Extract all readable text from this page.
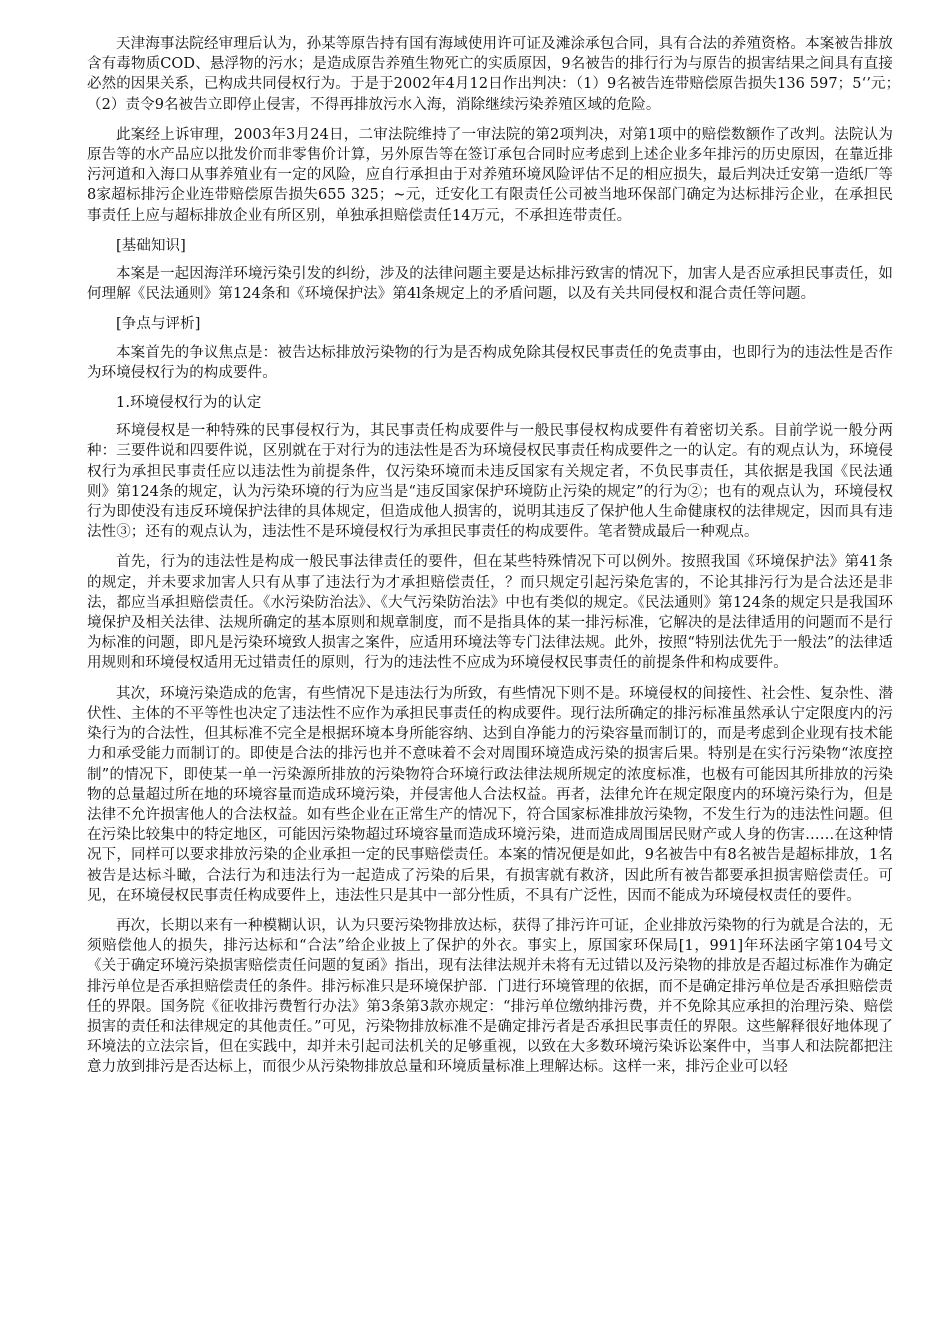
天津海事法院经审理后认为，孙某等原告持有国有海域使用许可证及滩涂承包合同，具有合法的养殖资格。本案被告排放含有毒物质COD、悬浮物的污水；是造成原告养殖生物死亡的实质原因，9名被告的排行行为与原告的损害结果之间具有直接必然的因果关系，已构成共同侵权行为。于是于2002年4月12日作出判决：（1）9名被告连带赔偿原告损失136 597；5‘’元；　（2）责令9名被告立即停止侵害，不得再排放污水入海，消除继续污染养殖区域的危险。

此案经上诉审理，2003年3月24日，二审法院维持了一审法院的第2项判决，对第1项中的赔偿数额作了改判。法院认为原告等的水产品应以批发价而非零售价计算，另外原告等在签订承包合同时应考虑到上述企业多年排污的历史原因，在靠近排污河道和入海口从事养殖业有一定的风险，应自行承担由于对养殖环境风险评估不足的相应损失，最后判决迁安第一造纸厂等8家超标排污企业连带赔偿原告损失655 325；~元，迁安化工有限责任公司被当地环保部门确定为达标排污企业，在承担民事责任上应与超标排放企业有所区别，单独承担赔偿责任14万元，不承担连带责任。

[基础知识]

本案是一起因海洋环境污染引发的纠纷，涉及的法律问题主要是达标排污致害的情况下，加害人是否应承担民事责任，如何理解《民法通则》第124条和《环境保护法》第4l条规定上的矛盾问题，以及有关共同侵权和混合责任等问题。

[争点与评析]

本案首先的争议焦点是：被告达标排放污染物的行为是否构成免除其侵权民事责任的免责事由，也即行为的违法性是否作为环境侵权行为的构成要件。

1.环境侵权行为的认定

环境侵权是一种特殊的民事侵权行为，其民事责任构成要件与一般民事侵权构成要件有着密切关系。目前学说一般分两种：三要件说和四要件说，区别就在于对行为的违法性是否为环境侵权民事责任构成要件之一的认定。有的观点认为，环境侵权行为承担民事责任应以违法性为前提条件，仅污染环境而未违反国家有关规定者，不负民事责任，其依据是我国《民法通则》第124条的规定，认为污染环境的行为应当是“违反国家保护环境防止污染的规定”的行为②；也有的观点认为，环境侵权行为即使没有违反环境保护法律的具体规定，但造成他人损害的，说明其违反了保护他人生命健康权的法律规定，因而具有违法性③；还有的观点认为，违法性不是环境侵权行为承担民事责任的构成要件。笔者赞成最后一种观点。

首先，行为的违法性是构成一般民事法律责任的要件，但在某些特殊情况下可以例外。按照我国《环境保护法》第41条的规定，并未要求加害人只有从事了违法行为才承担赔偿责任，？而只规定引起污染危害的，不论其排污行为是合法还是非法，都应当承担赔偿责任。《水污染防治法》、《大气污染防治法》中也有类似的规定。《民法通则》第124条的规定只是我国环境保护及相关法律、法规所确定的基本原则和规章制度，而不是指具体的某一排污标准，它解决的是法律适用的问题而不是行为标准的问题，即凡是污染环境致人损害之案件，应适用环境法等专门法律法规。此外，按照“特别法优先于一般法”的法律适用规则和环境侵权适用无过错责任的原则，行为的违法性不应成为环境侵权民事责任的前提条件和构成要件。

其次，环境污染造成的危害，有些情况下是违法行为所致，有些情况下则不是。环境侵权的间接性、社会性、复杂性、潜伏性、主体的不平等性也决定了违法性不应作为承担民事责任的构成要件。现行法所确定的排污标准虽然承认宁定限度内的污染行为的合法性，但其标准不完全是根据环境本身所能容纳、达到自净能力的污染容量而制订的，而是考虑到企业现有技术能力和承受能力而制订的。即使是合法的排污也并不意味着不会对周围环境造成污染的损害后果。特别是在实行污染物“浓度控制”的情况下，即使某一单一污染源所排放的污染物符合环境行政法律法规所规定的浓度标准，也极有可能因其所排放的污染物的总量超过所在地的环境容量而造成环境污染，并侵害他人合法权益。再者，法律允许在规定限度内的环境污染行为，但是法律不允许损害他人的合法权益。如有些企业在正常生产的情况下，符合国家标准排放污染物，不发生行为的违法性问题。但在污染比较集中的特定地区，可能因污染物超过环境容量而造成环境污染，进而造成周围居民财产或人身的伤害……在这种情况下，同样可以要求排放污染的企业承担一定的民事赔偿责任。本案的情况便是如此，9名被告中有8名被告是超标排放，1名被告是达标斗瞰，合法行为和违法行为一起造成了污染的后果，有损害就有救济，因此所有被告都要承担损害赔偿责任。可见，在环境侵权民事责任构成要件上，违法性只是其中一部分性质，不具有广泛性，因而不能成为环境侵权责任的要件。

再次，长期以来有一种模糊认识，认为只要污染物排放达标，获得了排污许可证，企业排放污染物的行为就是合法的，无须赔偿他人的损失，排污达标和“合法”给企业披上了保护的外衣。事实上，原国家环保局[1，991]年环法函字第104号文《关于确定环境污染损害赔偿责任问题的复函》指出，现有法律法规并未将有无过错以及污染物的排放是否超过标准作为确定排污单位是否承担赔偿责任的条件。排污标准只是环境保护部．门进行环境管理的依据，而不是确定排污单位是否承担赔偿责任的界限。国务院《征收排污费暂行办法》第3条第3款亦规定：“排污单位缴纳排污费，并不免除其应承担的治理污染、赔偿损害的责任和法律规定的其他责任。”可见，污染物排放标准不是确定排污者是否承担民事责任的界限。这些解释很好地体现了环境法的立法宗旨，但在实践中，却并未引起司法机关的足够重视，以致在大多数环境污染诉讼案件中，当事人和法院都把注意力放到排污是否达标上，而很少从污染物排放总量和环境质量标准上理解达标。这样一来，排污企业可以轻
